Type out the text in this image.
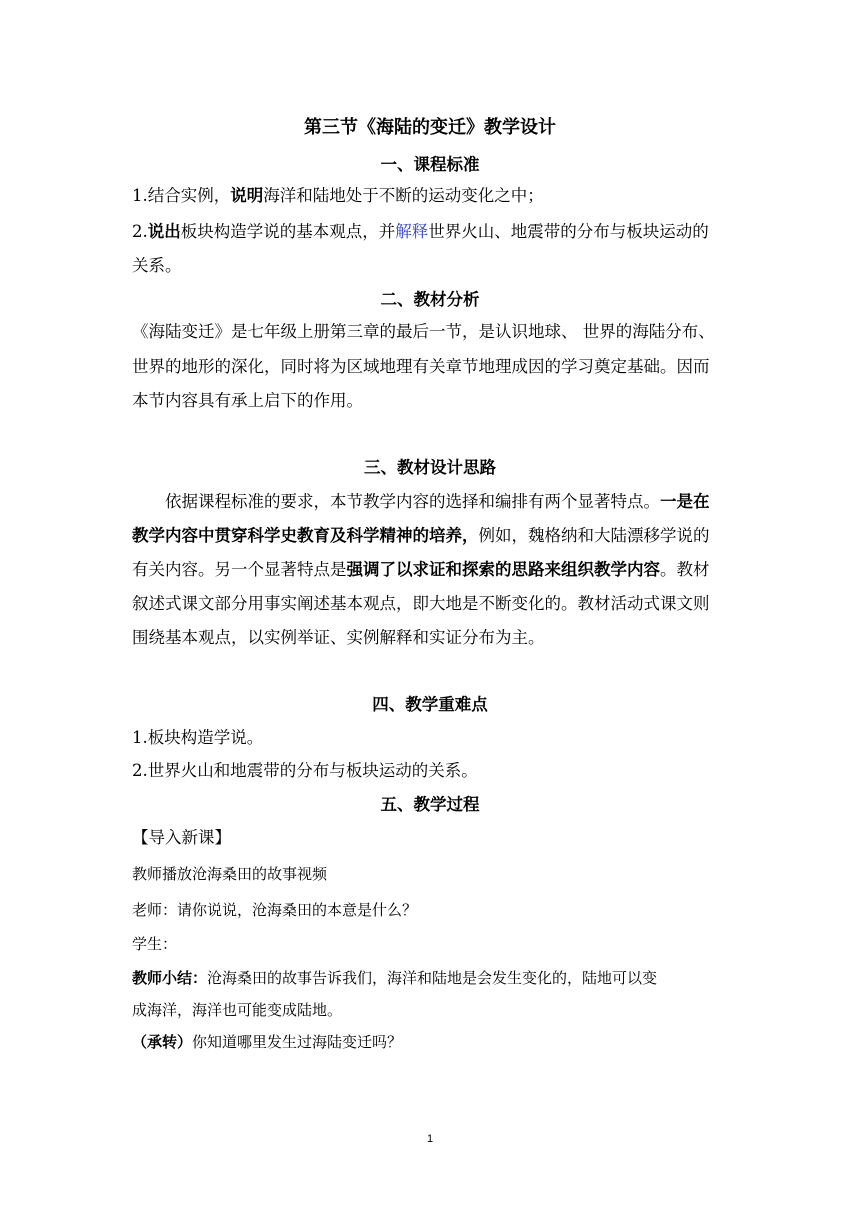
第三节《海陆的变迁》教学设计
一、课程标准
1.结合实例，说明海洋和陆地处于不断的运动变化之中；
2.说出板块构造学说的基本观点，并解释世界火山、地震带的分布与板块运动的
关系。
二、教材分析
《海陆变迁》是七年级上册第三章的最后一节，是认识地球、 世界的海陆分布、
世界的地形的深化，同时将为区域地理有关章节地理成因的学习奠定基础。因而
本节内容具有承上启下的作用。
三、教材设计思路
依据课程标准的要求，本节教学内容的选择和编排有两个显著特点。一是在
教学内容中贯穿科学史教育及科学精神的培养，例如，魏格纳和大陆漂移学说的
有关内容。另一个显著特点是强调了以求证和探索的思路来组织教学内容。教材
叙述式课文部分用事实阐述基本观点，即大地是不断变化的。教材活动式课文则
围绕基本观点，以实例举证、实例解释和实证分布为主。
四、教学重难点
1.板块构造学说。
2.世界火山和地震带的分布与板块运动的关系。
五、教学过程
【导入新课】
教师播放沧海桑田的故事视频
老师：请你说说，沧海桑田的本意是什么？
学生：
教师小结：沧海桑田的故事告诉我们，海洋和陆地是会发生变化的，陆地可以变
成海洋，海洋也可能变成陆地。
（承转）你知道哪里发生过海陆变迁吗？
1
